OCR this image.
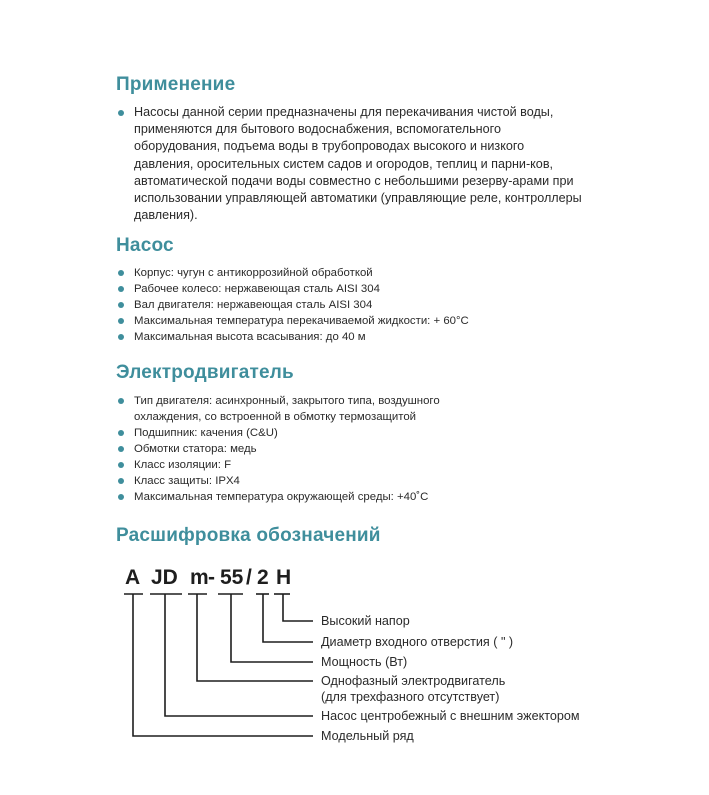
Применение
Насосы данной серии предназначены для перекачивания чистой воды, применяются для бытового водоснабжения, вспомогательного оборудования, подъема воды в трубопроводах высокого и низкого давления, оросительных систем садов и огородов, теплиц и парни-ков, автоматической подачи воды совместно с небольшими резерву-арами при использовании управляющей автоматики (управляющие реле, контроллеры давления).
Насос
Корпус: чугун с антикоррозийной обработкой
Рабочее колесо: нержавеющая сталь AISI 304
Вал двигателя: нержавеющая сталь AISI 304
Максимальная температура перекачиваемой жидкости: + 60°C
Максимальная высота всасывания: до 40 м
Электродвигатель
Тип двигателя: асинхронный, закрытого типа, воздушного
охлаждения, со встроенной в обмотку термозащитой
Подшипник: качения (C&U)
Обмотки статора: медь
Класс изоляции: F
Класс защиты: IPX4
Максимальная температура окружающей среды: +40˚C
Расшифровка обозначений
A JD m - 55 / 2 H
Высокий напор
Диаметр входного отверстия ( " )
Мощность (Вт)
Однофазный электродвигатель
(для трехфазного отсутствует)
Насос центробежный с внешним эжектором
Модельный ряд
